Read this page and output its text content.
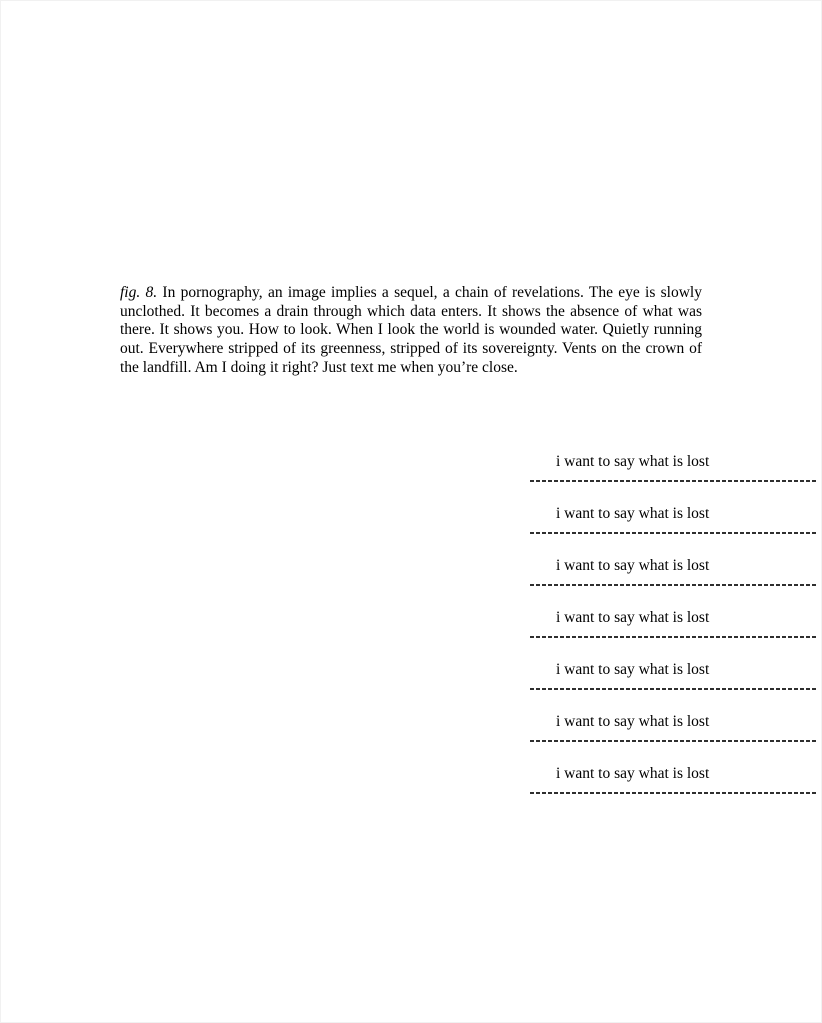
fig. 8. In pornography, an image implies a sequel, a chain of revelations. The eye is slowly unclothed. It becomes a drain through which data enters. It shows the absence of what was there. It shows you. How to look. When I look the world is wounded water. Quietly running out. Everywhere stripped of its greenness, stripped of its sovereignty. Vents on the crown of the landfill. Am I doing it right? Just text me when you’re close.

i want to say what is lost
i want to say what is lost
i want to say what is lost
i want to say what is lost
i want to say what is lost
i want to say what is lost
i want to say what is lost
